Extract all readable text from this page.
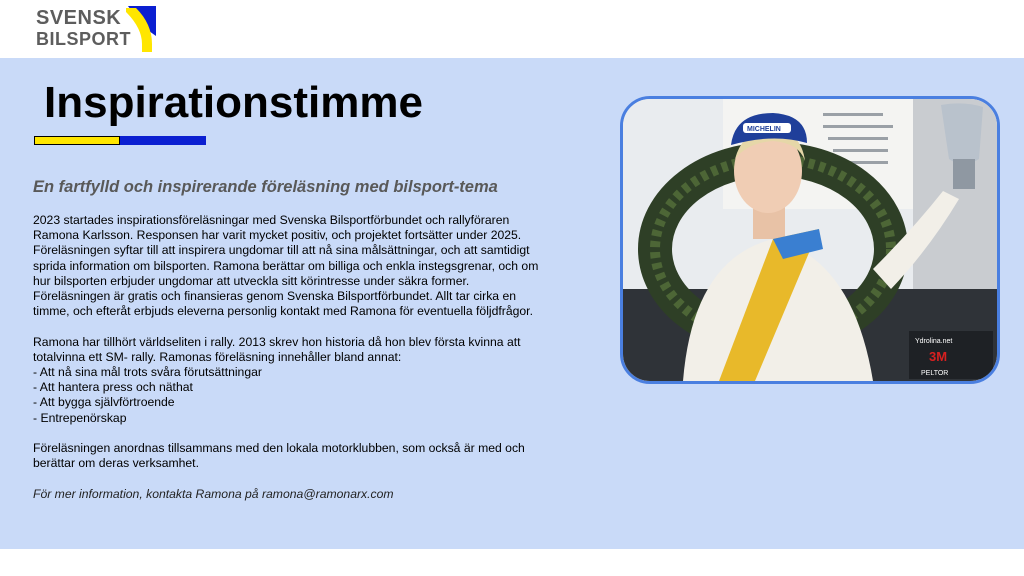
SVENSK
BILSPORT
Inspirationstimme
En fartfylld och inspirerande föreläsning med bilsport-tema

2023 startades inspirationsföreläsningar med Svenska Bilsportförbundet och rallyföraren
Ramona Karlsson. Responsen har varit mycket positiv, och projektet fortsätter under 2025.
Föreläsningen syftar till att inspirera ungdomar till att nå sina målsättningar, och att samtidigt
sprida information om bilsporten. Ramona berättar om billiga och enkla instegsgrenar, och om
hur bilsporten erbjuder ungdomar att utveckla sitt körintresse under säkra former.
Föreläsningen är gratis och finansieras genom Svenska Bilsportförbundet. Allt tar cirka en
timme, och efteråt erbjuds eleverna personlig kontakt med Ramona för eventuella följdfrågor.

Ramona har tillhört världseliten i rally. 2013 skrev hon historia då hon blev första kvinna att
totalvinna ett SM- rally. Ramonas föreläsning innehåller bland annat:
- Att nå sina mål trots svåra förutsättningar
- Att hantera press och näthat
- Att bygga självförtroende
- Entrepenörskap

Föreläsningen anordnas tillsammans med den lokala motorklubben, som också är med och
berättar om deras verksamhet.

För mer information, kontakta Ramona på ramona@ramonarx.com

Ydrolina.net
3M
PELTOR
MICHELIN
